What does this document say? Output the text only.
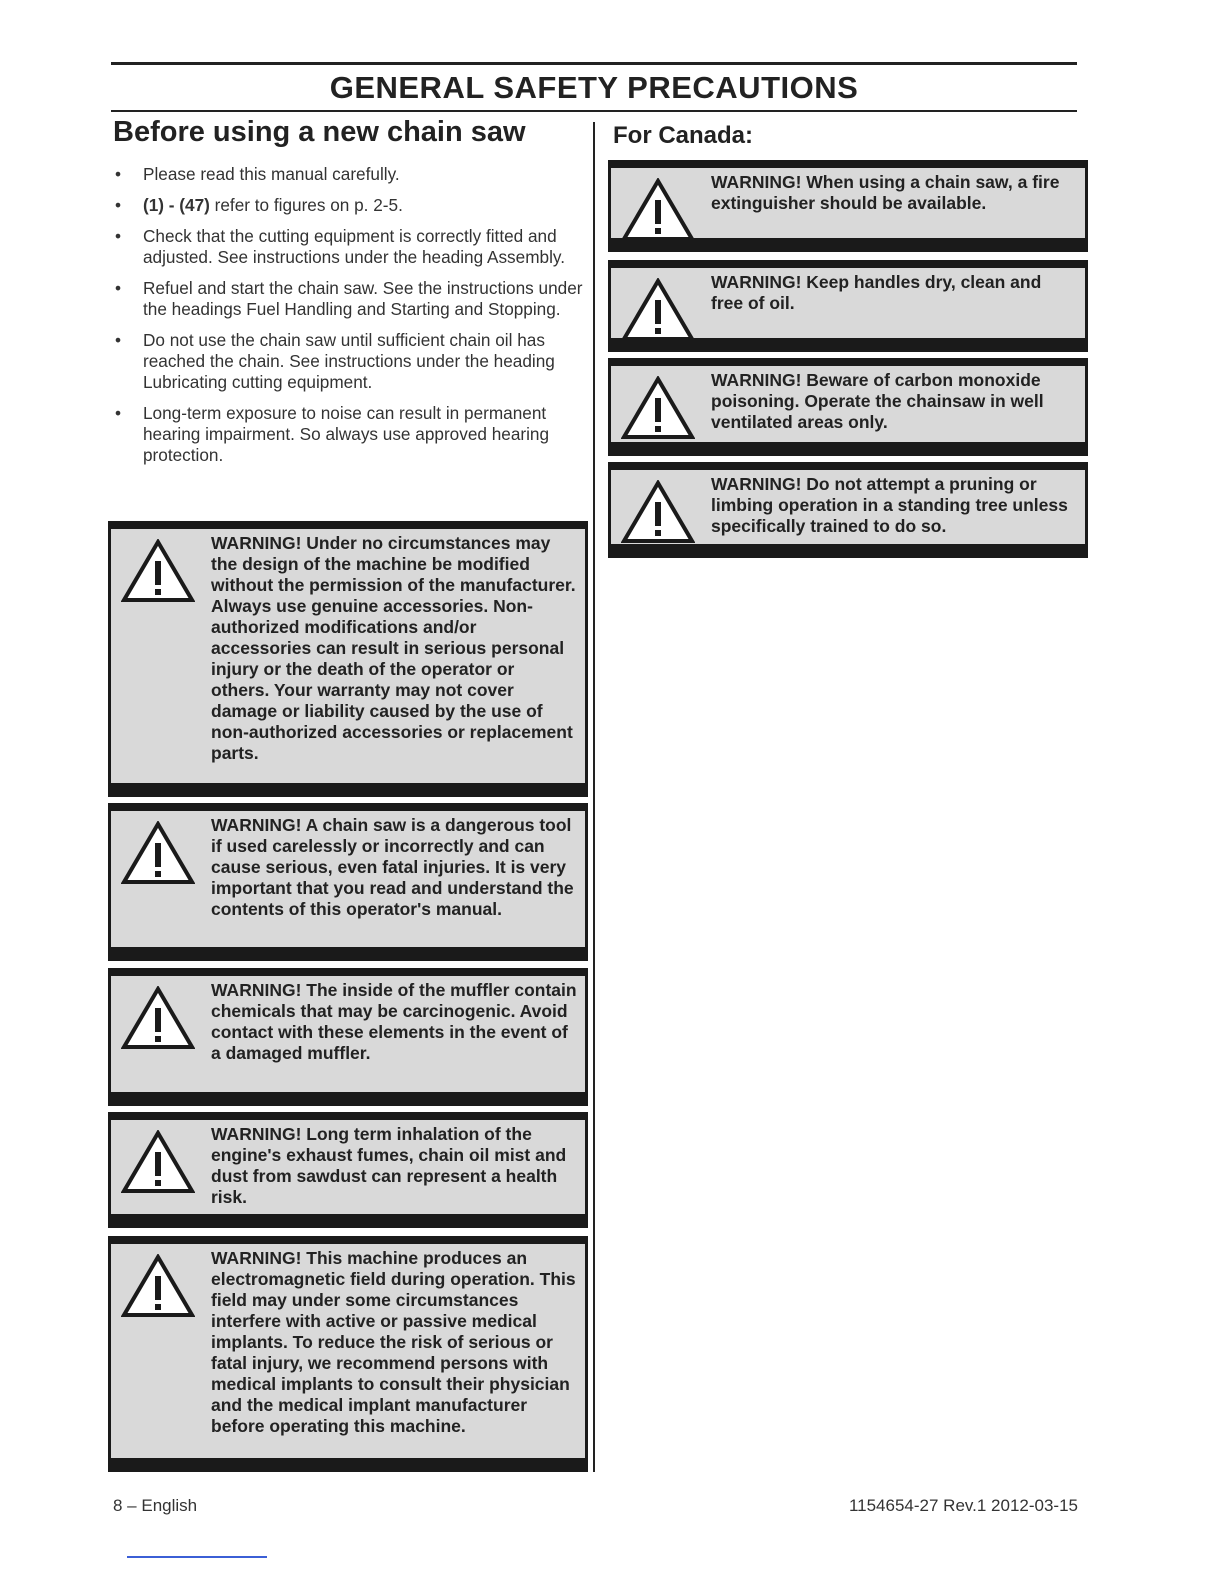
GENERAL SAFETY PRECAUTIONS
Before using a new chain saw
• Please read this manual carefully.
• (1) - (47) refer to figures on p. 2-5.
• Check that the cutting equipment is correctly fitted and adjusted. See instructions under the heading Assembly.
• Refuel and start the chain saw. See the instructions under the headings Fuel Handling and Starting and Stopping.
• Do not use the chain saw until sufficient chain oil has reached the chain. See instructions under the heading Lubricating cutting equipment.
• Long-term exposure to noise can result in permanent hearing impairment. So always use approved hearing protection.
WARNING! Under no circumstances may the design of the machine be modified without the permission of the manufacturer. Always use genuine accessories. Non-authorized modifications and/or accessories can result in serious personal injury or the death of the operator or others. Your warranty may not cover damage or liability caused by the use of non-authorized accessories or replacement parts.
WARNING! A chain saw is a dangerous tool if used carelessly or incorrectly and can cause serious, even fatal injuries. It is very important that you read and understand the contents of this operator's manual.
WARNING! The inside of the muffler contain chemicals that may be carcinogenic. Avoid contact with these elements in the event of a damaged muffler.
WARNING! Long term inhalation of the engine's exhaust fumes, chain oil mist and dust from sawdust can represent a health risk.
WARNING! This machine produces an electromagnetic field during operation. This field may under some circumstances interfere with active or passive medical implants. To reduce the risk of serious or fatal injury, we recommend persons with medical implants to consult their physician and the medical implant manufacturer before operating this machine.
For Canada:
WARNING! When using a chain saw, a fire extinguisher should be available.
WARNING! Keep handles dry, clean and free of oil.
WARNING! Beware of carbon monoxide poisoning. Operate the chainsaw in well ventilated areas only.
WARNING! Do not attempt a pruning or limbing operation in a standing tree unless specifically trained to do so.
8 – English	1154654-27 Rev.1 2012-03-15
